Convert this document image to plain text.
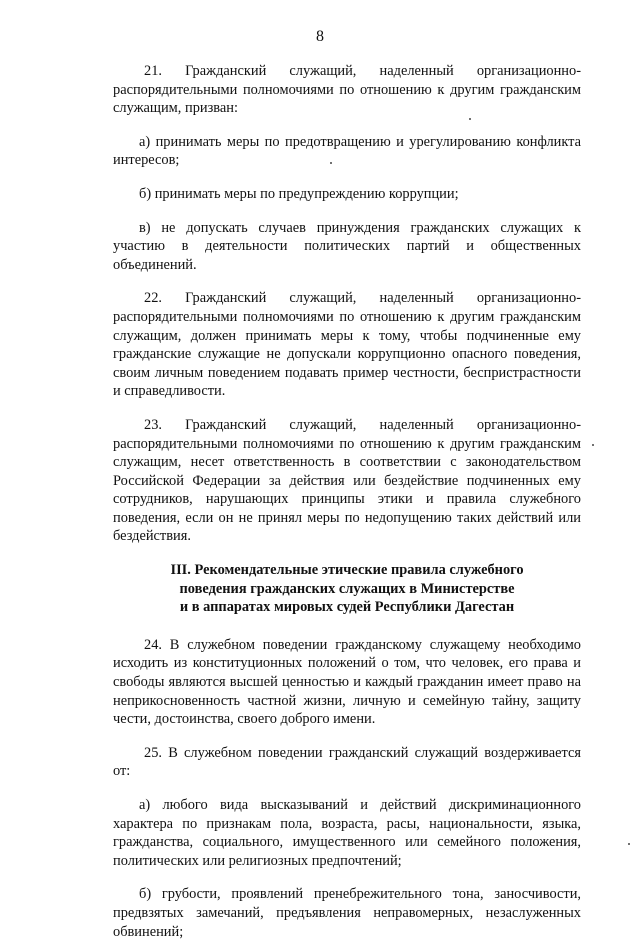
8

21. Гражданский служащий, наделенный организационно-распорядительными полномочиями по отношению к другим гражданским служащим, призван:

а) принимать меры по предотвращению и урегулированию конфликта интересов;

б) принимать меры по предупреждению коррупции;

в) не допускать случаев принуждения гражданских служащих к участию в деятельности политических партий и общественных объединений.

22. Гражданский служащий, наделенный организационно-распорядительными полномочиями по отношению к другим гражданским служащим, должен принимать меры к тому, чтобы подчиненные ему гражданские служащие не допускали коррупционно опасного поведения, своим личным поведением подавать пример честности, беспристрастности и справедливости.

23. Гражданский служащий, наделенный организационно-распорядительными полномочиями по отношению к другим гражданским служащим, несет ответственность в соответствии с законодательством Российской Федерации за действия или бездействие подчиненных ему сотрудников, нарушающих принципы этики и правила служебного поведения, если он не принял меры по недопущению таких действий или бездействия.

III. Рекомендательные этические правила служебного
поведения гражданских служащих в Министерстве
и в аппаратах мировых судей Республики Дагестан

24. В служебном поведении гражданскому служащему необходимо исходить из конституционных положений о том, что человек, его права и свободы являются высшей ценностью и каждый гражданин имеет право на неприкосновенность частной жизни, личную и семейную тайну, защиту чести, достоинства, своего доброго имени.

25. В служебном поведении гражданский служащий воздерживается от:

а) любого вида высказываний и действий дискриминационного характера по признакам пола, возраста, расы, национальности, языка, гражданства, социального, имущественного или семейного положения, политических или религиозных предпочтений;

б) грубости, проявлений пренебрежительного тона, заносчивости, предвзятых замечаний, предъявления неправомерных, незаслуженных обвинений;
